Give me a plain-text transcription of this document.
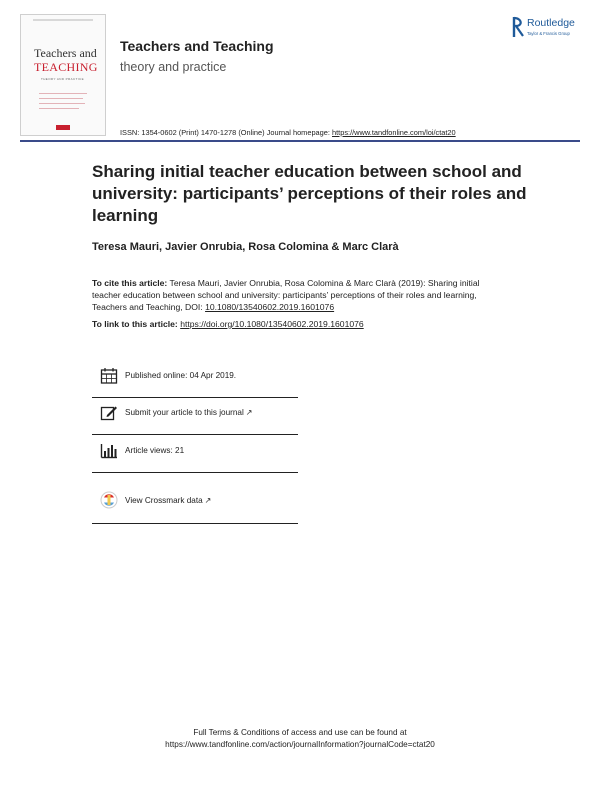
Teachers and
TEACHING
THEORY AND PRACTICE
Teachers and Teaching
theory and practice
ISSN: 1354-0602 (Print) 1470-1278 (Online) Journal homepage: https://www.tandfonline.com/loi/ctat20
Routledge
Taylor & Francis Group
Sharing initial teacher education between school and university: participants’ perceptions of their roles and learning
Teresa Mauri, Javier Onrubia, Rosa Colomina & Marc Clarà

To cite this article: Teresa Mauri, Javier Onrubia, Rosa Colomina & Marc Clarà (2019): Sharing initial teacher education between school and university: participants’ perceptions of their roles and learning, Teachers and Teaching, DOI: 10.1080/13540602.2019.1601076

To link to this article: https://doi.org/10.1080/13540602.2019.1601076
Published online: 04 Apr 2019.
Submit your article to this journal ↗
Article views: 21
View Crossmark data ↗
Full Terms & Conditions of access and use can be found at
https://www.tandfonline.com/action/journalInformation?journalCode=ctat20
